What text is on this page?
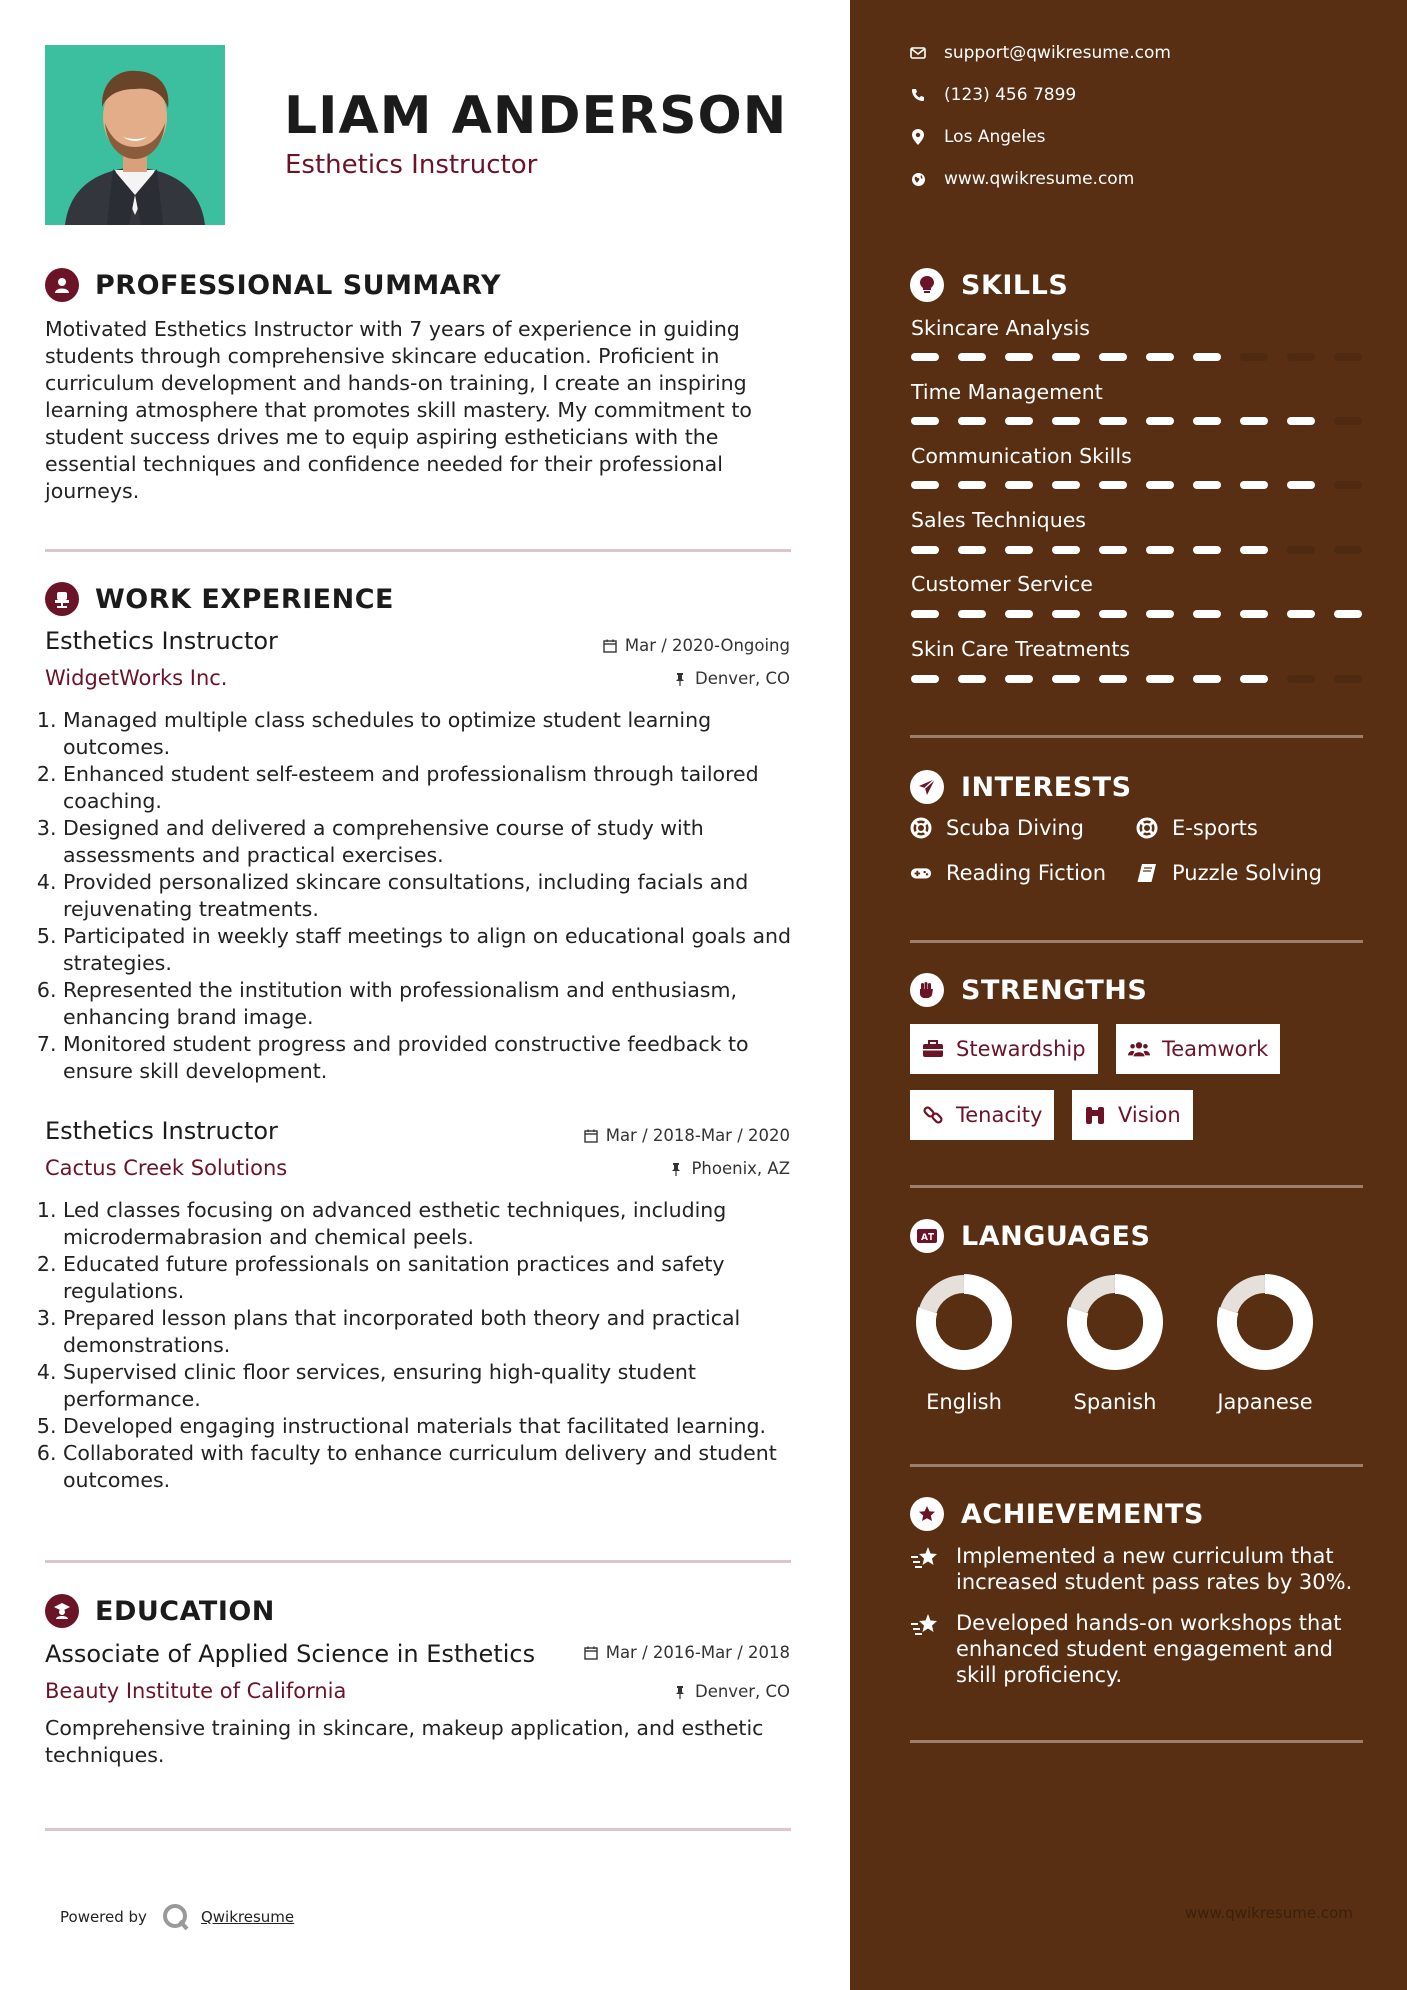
LIAM ANDERSON
Esthetics Instructor
PROFESSIONAL SUMMARY
Motivated Esthetics Instructor with 7 years of experience in guiding students through comprehensive skincare education. Proficient in curriculum development and hands-on training, I create an inspiring learning atmosphere that promotes skill mastery. My commitment to student success drives me to equip aspiring estheticians with the essential techniques and confidence needed for their professional journeys.
WORK EXPERIENCE
Esthetics Instructor	Mar / 2020-Ongoing
WidgetWorks Inc.	Denver, CO
1. Managed multiple class schedules to optimize student learning outcomes.
2. Enhanced student self-esteem and professionalism through tailored coaching.
3. Designed and delivered a comprehensive course of study with assessments and practical exercises.
4. Provided personalized skincare consultations, including facials and rejuvenating treatments.
5. Participated in weekly staff meetings to align on educational goals and strategies.
6. Represented the institution with professionalism and enthusiasm, enhancing brand image.
7. Monitored student progress and provided constructive feedback to ensure skill development.
Esthetics Instructor	Mar / 2018-Mar / 2020
Cactus Creek Solutions	Phoenix, AZ
1. Led classes focusing on advanced esthetic techniques, including microdermabrasion and chemical peels.
2. Educated future professionals on sanitation practices and safety regulations.
3. Prepared lesson plans that incorporated both theory and practical demonstrations.
4. Supervised clinic floor services, ensuring high-quality student performance.
5. Developed engaging instructional materials that facilitated learning.
6. Collaborated with faculty to enhance curriculum delivery and student outcomes.
EDUCATION
Associate of Applied Science in Esthetics	Mar / 2016-Mar / 2018
Beauty Institute of California	Denver, CO
Comprehensive training in skincare, makeup application, and esthetic techniques.
Powered by	Qwikresume
support@qwikresume.com
(123) 456 7899
Los Angeles
www.qwikresume.com
SKILLS
Skincare Analysis
Time Management
Communication Skills
Sales Techniques
Customer Service
Skin Care Treatments
INTERESTS
Scuba Diving	E-sports
Reading Fiction	Puzzle Solving
STRENGTHS
Stewardship	Teamwork
Tenacity	Vision
A LANGUAGES
English	Spanish	Japanese
ACHIEVEMENTS
Implemented a new curriculum that increased student pass rates by 30%.
Developed hands-on workshops that enhanced student engagement and skill proficiency.
www.qwikresume.com
